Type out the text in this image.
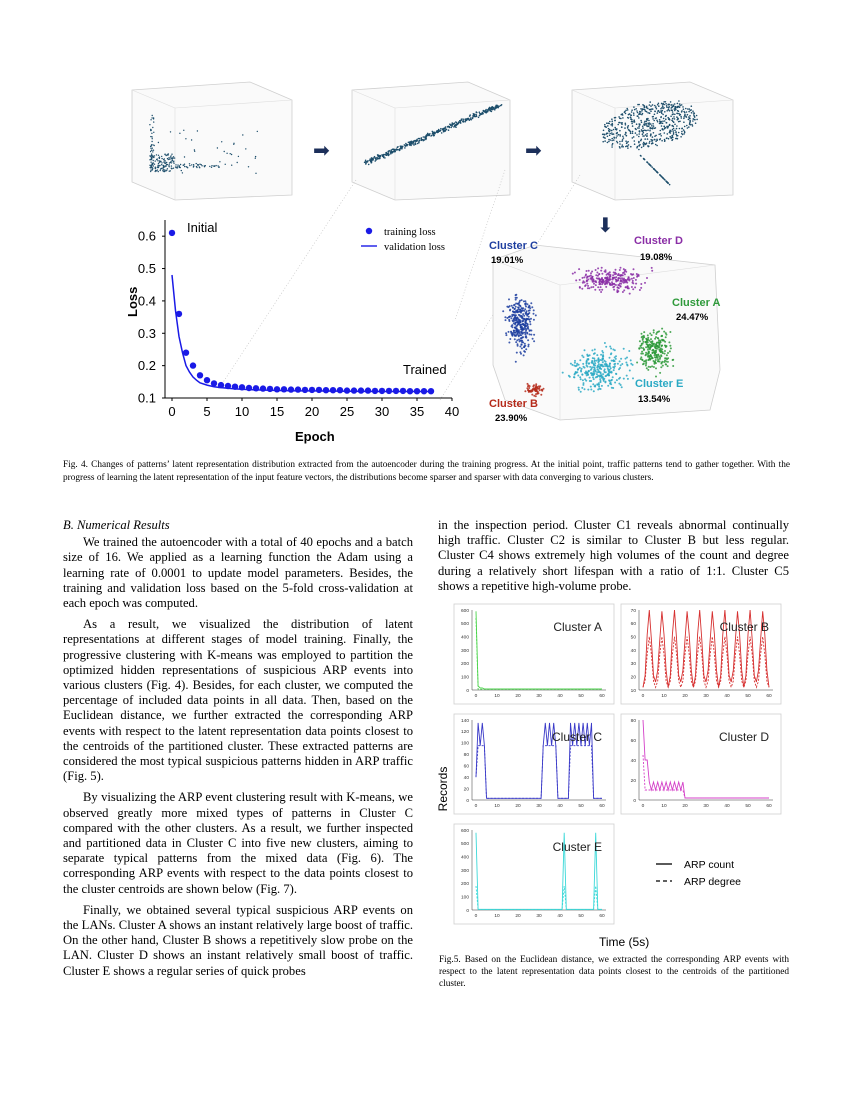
➡	➡
⬇
0 5 10 15 20 25 30 35 40
0.1
0.2
0.3
0.4
0.5
0.6
Loss
Epoch
Initial
Trained
training loss
validation loss	Cluster C
19.01%
Cluster D
19.08%
Cluster A
24.47%
Cluster E
13.54%
Cluster B
23.90%
Fig. 4. Changes of patterns’ latent representation distribution extracted from the autoencoder during the training progress. At the initial point, traffic patterns tend to gather together. With the progress of learning the latent representation of the input feature vectors, the distributions become sparser and sparser with data converging to various clusters.
B. Numerical Results

We trained the autoencoder with a total of 40 epochs and a batch size of 16. We applied as a learning function the Adam using a learning rate of 0.0001 to update model parameters. Besides, the training and validation loss based on the 5-fold cross-validation at each epoch was computed.

As a result, we visualized the distribution of latent representations at different stages of model training. Finally, the progressive clustering with K-means was employed to partition the optimized hidden representations of suspicious ARP events into various clusters (Fig. 4). Besides, for each cluster, we computed the percentage of included data points in all data. Then, based on the Euclidean distance, we further extracted the corresponding ARP events with respect to the latent representation data points closest to the centroids of the partitioned cluster. These extracted patterns are considered the most typical suspicious patterns hidden in ARP traffic (Fig. 5).

By visualizing the ARP event clustering result with K-means, we observed greatly more mixed types of patterns in Cluster C compared with the other clusters. As a result, we further inspected and partitioned data in Cluster C into five new clusters, aiming to separate typical patterns from the mixed data (Fig. 6). The corresponding ARP events with respect to the data points closest to the cluster centroids are shown below (Fig. 7).

Finally, we obtained several typical suspicious ARP events on the LANs. Cluster A shows an instant relatively large boost of traffic. On the other hand, Cluster B shows a repetitively slow probe on the LAN. Cluster D shows an instant relatively small boost of traffic. Cluster E shows a regular series of quick probes

in the inspection period. Cluster C1 reveals abnormal continually high traffic. Cluster C2 is similar to Cluster B but less regular. Cluster C4 shows extremely high volumes of the count and degree during a relatively short lifespan with a ratio of 1:1. Cluster C5 shows a repetitive high-volume probe.

0
100
200
300
400
500
600
0	10	20	30	40	50	60
Cluster A
10
20
30
40
50
60
70
0	10	20	30	40	50	60
Cluster B
0
20
40
60
80
100
120
140
0	10	20	30	40	50	60
Cluster C
0
20
40
60
80
0	10	20	30	40	50	60
Cluster D
0
100
200
300
400
500
600
0	10	20	30	40	50	60
Cluster E
Records
Time (5s)
ARP count
ARP degree
Fig.5. Based on the Euclidean distance, we extracted the corresponding ARP events with respect to the latent representation data points closest to the centroids of the partitioned cluster.
